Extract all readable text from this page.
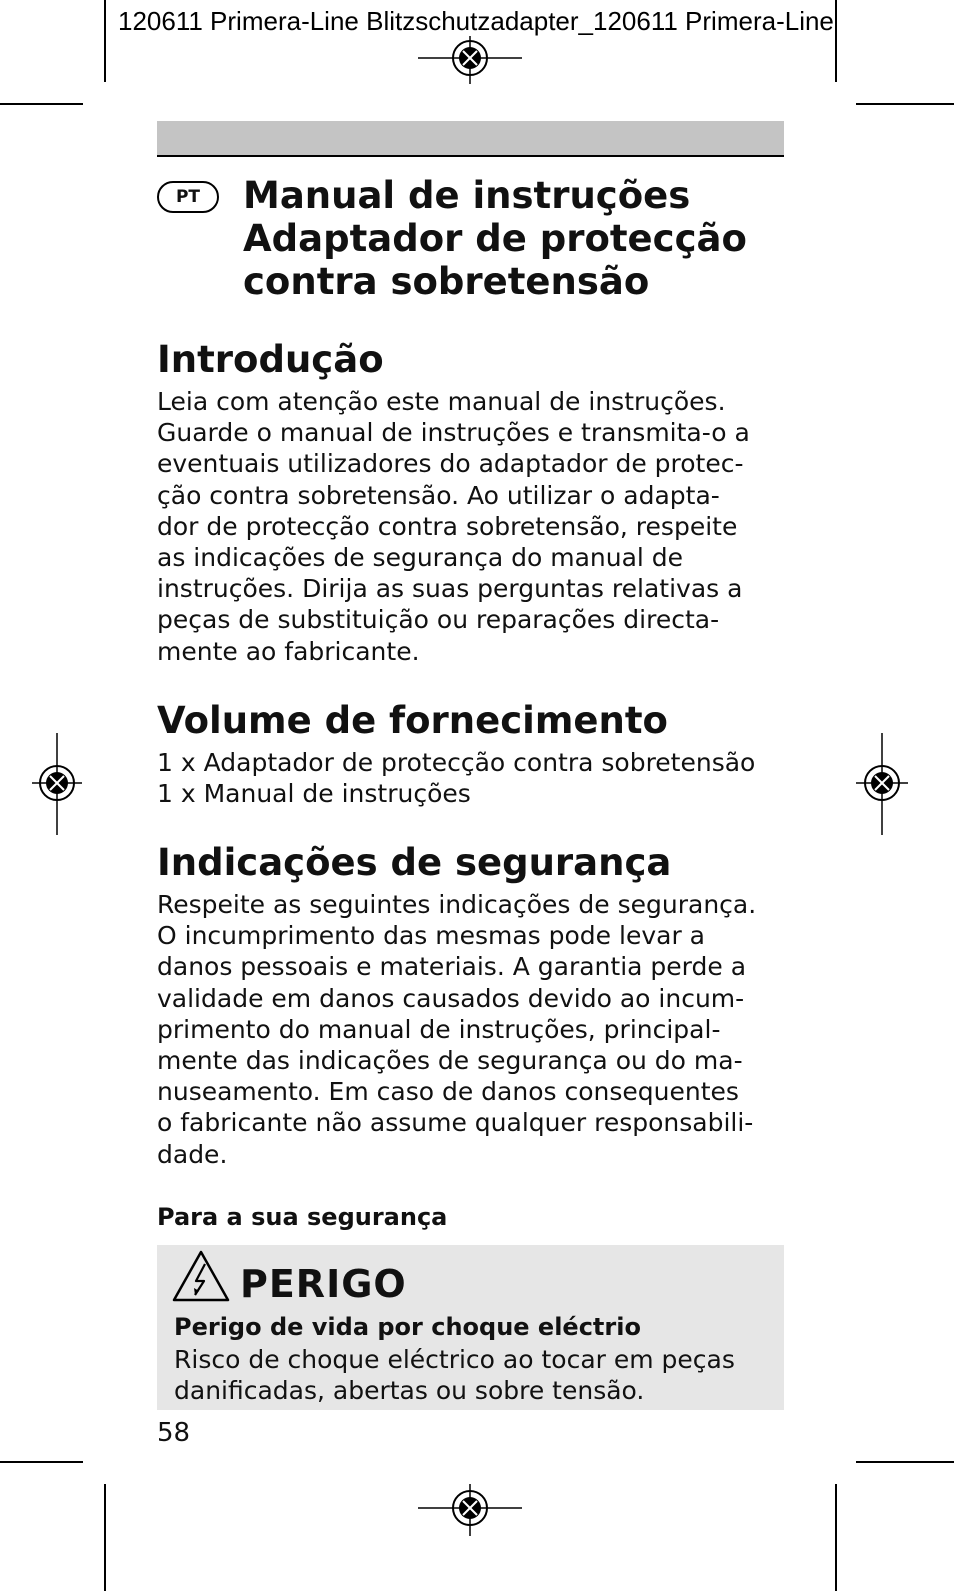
120611 Primera-Line Blitzschutzadapter_120611 Primera-Line
PT	Manual de instruções
Adaptador de protecção
contra sobretensão
Introdução
Leia com atenção este manual de instruções.
Guarde o manual de instruções e transmita-o a
eventuais utilizadores do adaptador de protec-
ção contra sobretensão. Ao utilizar o adapta-
dor de protecção contra sobretensão, respeite
as indicações de segurança do manual de
instruções. Dirija as suas perguntas relativas a
peças de substituição ou reparações directa-
mente ao fabricante.
Volume de fornecimento
1 x Adaptador de protecção contra sobretensão
1 x Manual de instruções
Indicações de segurança
Respeite as seguintes indicações de segurança.
O incumprimento das mesmas pode levar a
danos pessoais e materiais. A garantia perde a
validade em danos causados devido ao incum-
primento do manual de instruções, principal-
mente das indicações de segurança ou do ma-
nuseamento. Em caso de danos consequentes
o fabricante não assume qualquer responsabili-
dade.
Para a sua segurança
PERIGO
Perigo de vida por choque eléctrio
Risco de choque eléctrico ao tocar em peças
danificadas, abertas ou sobre tensão.
58
